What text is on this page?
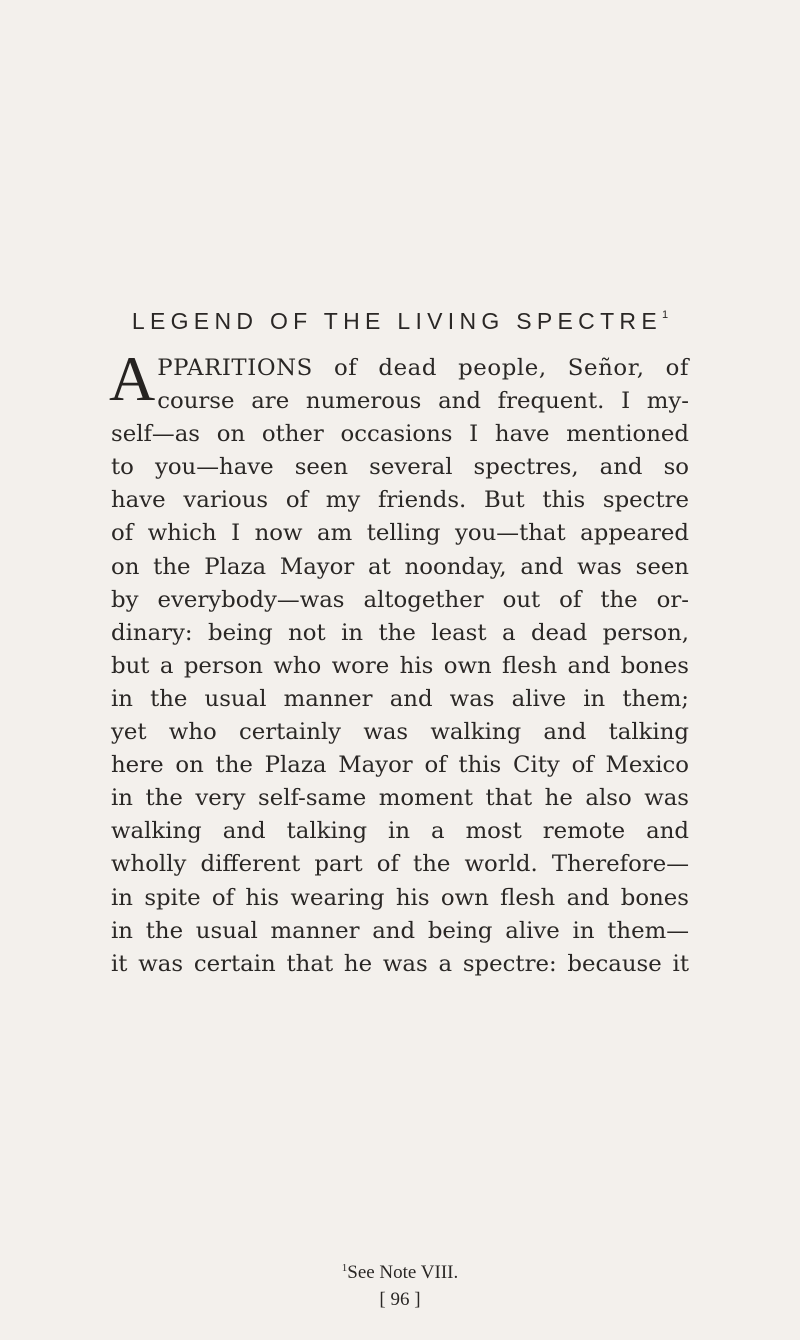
LEGEND OF THE LIVING SPECTRE$^1$
A PPARITIONS of dead people, Señor, of
course are numerous and frequent. I my-
self—as on other occasions I have mentioned
to you—have seen several spectres, and so
have various of my friends. But this spectre
of which I now am telling you—that appeared
on the Plaza Mayor at noonday, and was seen
by everybody—was altogether out of the or-
dinary: being not in the least a dead person,
but a person who wore his own flesh and bones
in the usual manner and was alive in them;
yet who certainly was walking and talking
here on the Plaza Mayor of this City of Mexico
in the very self-same moment that he also was
walking and talking in a most remote and
wholly different part of the world. Therefore—
in spite of his wearing his own flesh and bones
in the usual manner and being alive in them—
it was certain that he was a spectre: because it
$^1$See Note VIII.
[ 96 ]
